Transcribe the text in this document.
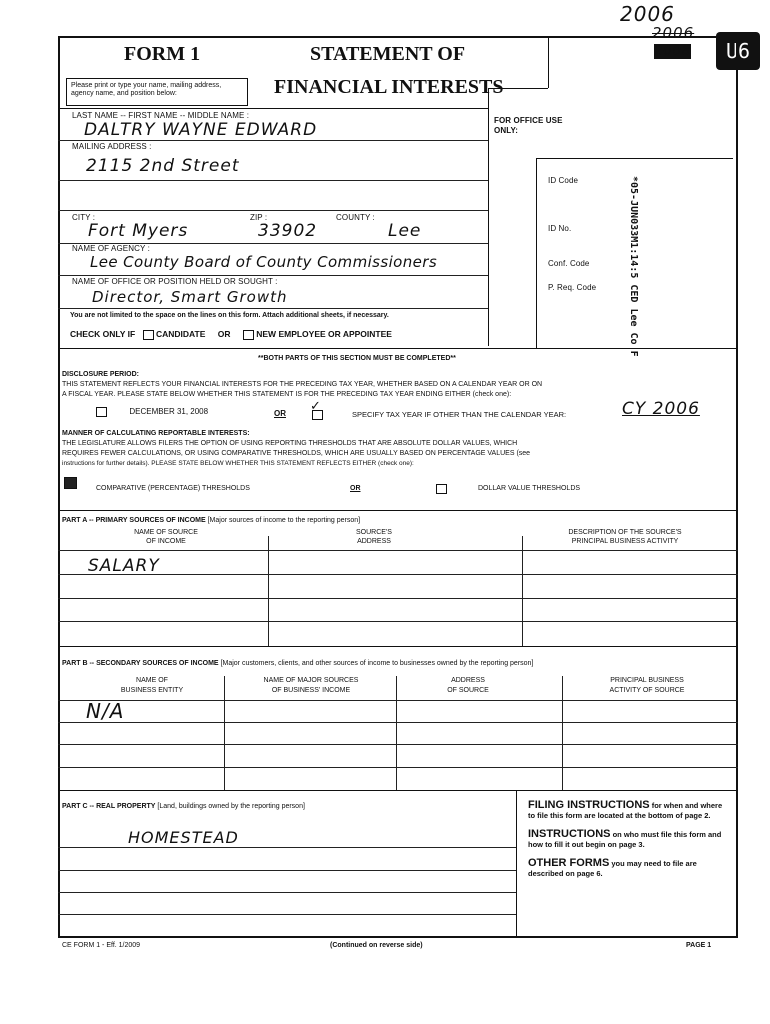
2006
2006
2008	U6
FORM 1	STATEMENT OF
FINANCIAL INTERESTS
Please print or type your name, mailing address, agency name, and position below:
LAST NAME -- FIRST NAME -- MIDDLE NAME :
DALTRY WAYNE EDWARD
MAILING ADDRESS :
2115 2nd Street
CITY :	ZIP :	COUNTY :
Fort Myers	33902	Lee
NAME OF AGENCY :
Lee County Board of County Commissioners
NAME OF OFFICE OR POSITION HELD OR SOUGHT :
Director, Smart Growth
You are not limited to the space on the lines on this form. Attach additional sheets, if necessary.
CHECK ONLY IF CANDIDATE OR	NEW EMPLOYEE OR APPOINTEE
FOR OFFICE USE ONLY:
ID Code
ID No.
Conf. Code
P. Req. Code	*05-JUN033M1:14:5 CED Lee Co F
**BOTH PARTS OF THIS SECTION MUST BE COMPLETED**
DISCLOSURE PERIOD:
THIS STATEMENT REFLECTS YOUR FINANCIAL INTERESTS FOR THE PRECEDING TAX YEAR, WHETHER BASED ON A CALENDAR YEAR OR ON
A FISCAL YEAR. PLEASE STATE BELOW WHETHER THIS STATEMENT IS FOR THE PRECEDING TAX YEAR ENDING EITHER (check one):
DECEMBER 31, 2008	OR ✓
SPECIFY TAX YEAR IF OTHER THAN THE CALENDAR YEAR:	CY 2006
MANNER OF CALCULATING REPORTABLE INTERESTS:
THE LEGISLATURE ALLOWS FILERS THE OPTION OF USING REPORTING THRESHOLDS THAT ARE ABSOLUTE DOLLAR VALUES, WHICH
REQUIRES FEWER CALCULATIONS, OR USING COMPARATIVE THRESHOLDS, WHICH ARE USUALLY BASED ON PERCENTAGE VALUES (see
instructions for further details). PLEASE STATE BELOW WHETHER THIS STATEMENT REFLECTS EITHER (check one):
COMPARATIVE (PERCENTAGE) THRESHOLDS	OR	DOLLAR VALUE THRESHOLDS
PART A -- PRIMARY SOURCES OF INCOME [Major sources of income to the reporting person]
NAME OF SOURCE
OF INCOME
SOURCE'S
ADDRESS
DESCRIPTION OF THE SOURCE'S
PRINCIPAL BUSINESS ACTIVITY
SALARY
PART B -- SECONDARY SOURCES OF INCOME [Major customers, clients, and other sources of income to businesses owned by the reporting person]
NAME OF
BUSINESS ENTITY
NAME OF MAJOR SOURCES
OF BUSINESS' INCOME
ADDRESS
OF SOURCE
PRINCIPAL BUSINESS
ACTIVITY OF SOURCE
N/A
PART C -- REAL PROPERTY [Land, buildings owned by the reporting person]
HOMESTEAD
FILING INSTRUCTIONS for when and where to file this form are located at the bottom of page 2.
INSTRUCTIONS on who must file this form and how to fill it out begin on page 3.
OTHER FORMS you may need to file are described on page 6.
CE FORM 1 - Eff. 1/2009	(Continued on reverse side)	PAGE 1
